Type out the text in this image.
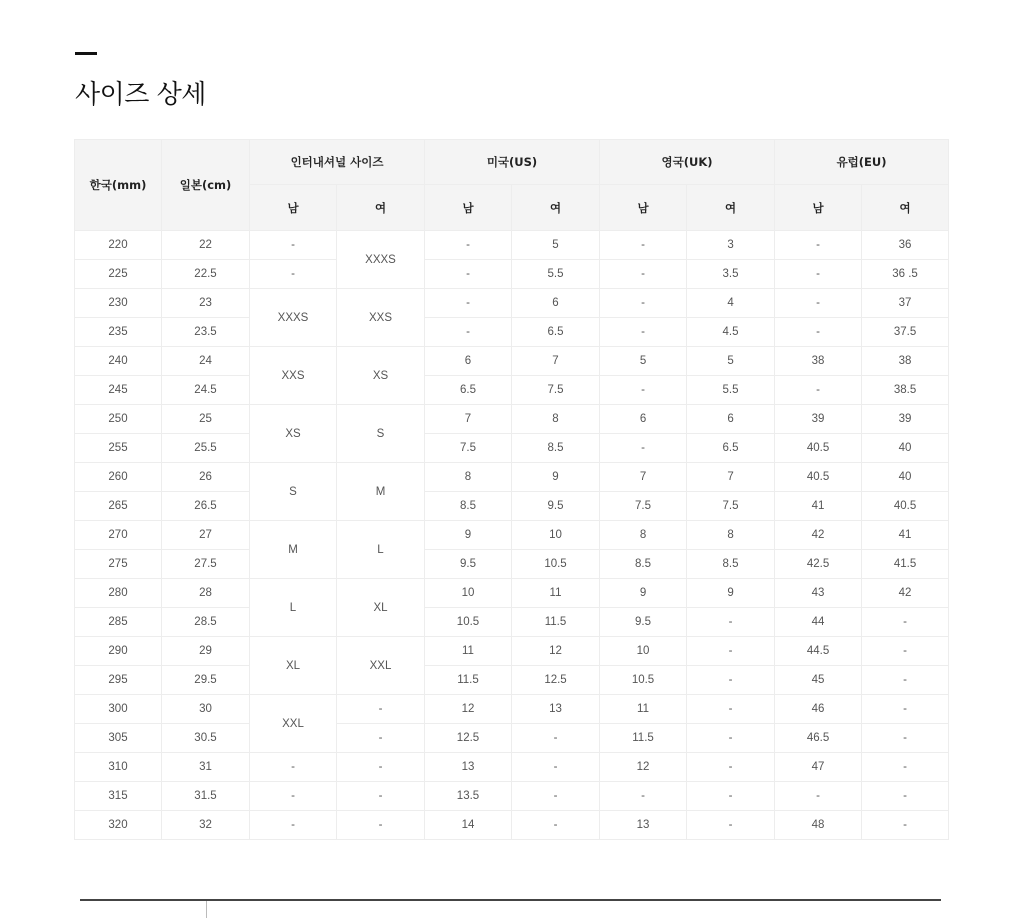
사이즈 상세
한국(mm)	일본(cm)	인터내셔널 사이즈		미국(US)		영국(UK)		유럽(EU)	
		남	여	남	여	남	여	남	여
220	22	-	XXXS	-	5	-	3	-	36
225	22.5	-		-	5.5	-	3.5	-	36 .5
230	23	XXXS	XXS	-	6	-	4	-	37
235	23.5			-	6.5	-	4.5	-	37.5
240	24	XXS	XS	6	7	5	5	38	38
245	24.5			6.5	7.5	-	5.5	-	38.5
250	25	XS	S	7	8	6	6	39	39
255	25.5			7.5	8.5	-	6.5	40.5	40
260	26	S	M	8	9	7	7	40.5	40
265	26.5			8.5	9.5	7.5	7.5	41	40.5
270	27	M	L	9	10	8	8	42	41
275	27.5			9.5	10.5	8.5	8.5	42.5	41.5
280	28	L	XL	10	11	9	9	43	42
285	28.5			10.5	11.5	9.5	-	44	-
290	29	XL	XXL	11	12	10	-	44.5	-
295	29.5			11.5	12.5	10.5	-	45	-
300	30	XXL	-	12	13	11	-	46	-
305	30.5		-	12.5	-	11.5	-	46.5	-
310	31	-	-	13	-	12	-	47	-
315	31.5	-	-	13.5	-	-	-	-	-
320	32	-	-	14	-	13	-	48	-
